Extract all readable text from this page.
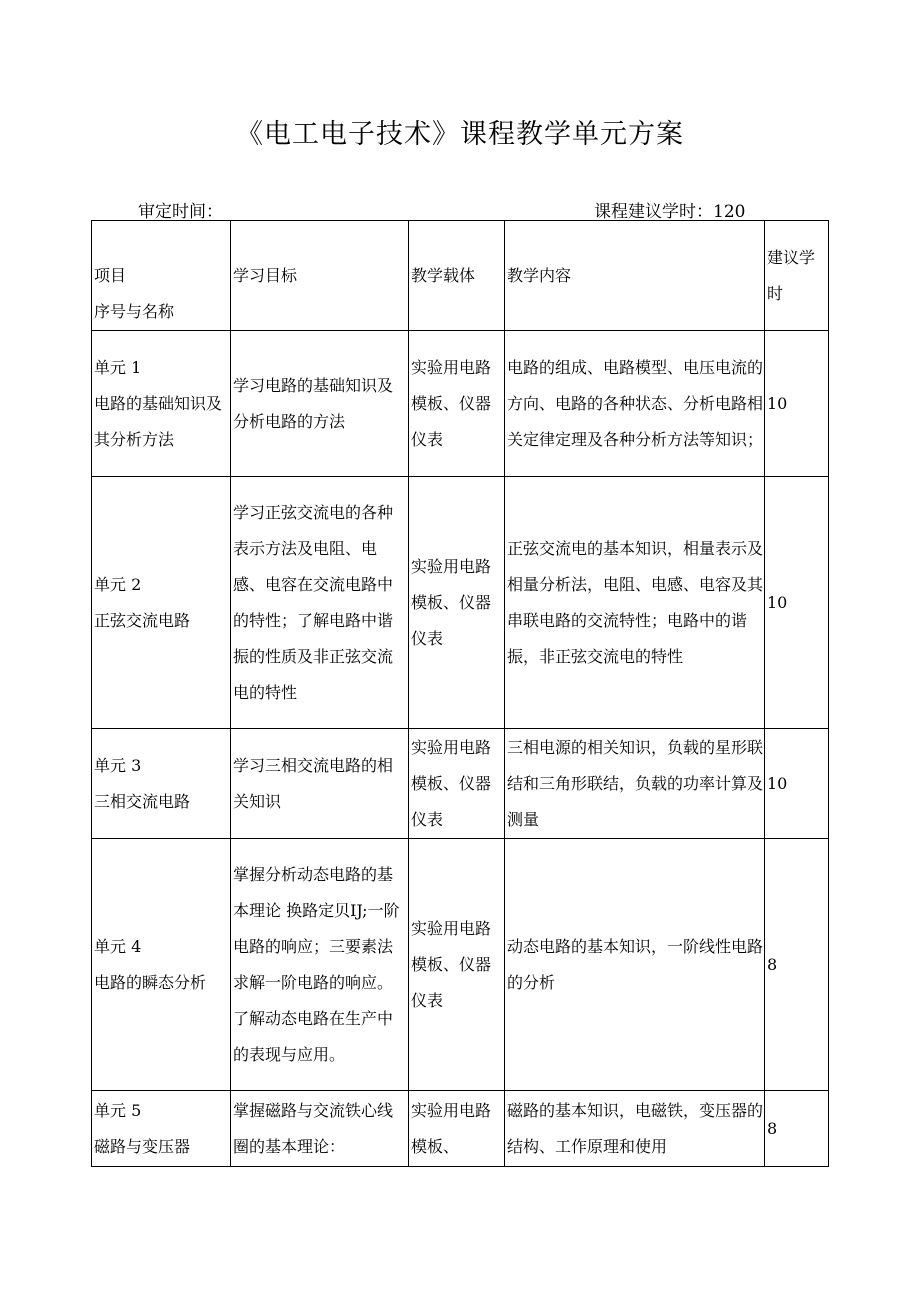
《电工电子技术》课程教学单元方案
审定时间：	课程建议学时：120
项目
序号与名称	学习目标	教学载体	教学内容	建议学时

单元 1
电路的基础知识及其分析方法	学习电路的基础知识及分析电路的方法	实验用电路模板、仪器仪表	电路的组成、电路模型、电压电流的方向、电路的各种状态、分析电路相关定律定理及各种分析方法等知识；	10

单元 2
正弦交流电路	学习正弦交流电的各种表示方法及电阻、电感、电容在交流电路中的特性；了解电路中谐振的性质及非正弦交流电的特性	实验用电路模板、仪器仪表	正弦交流电的基本知识，相量表示及相量分析法，电阻、电感、电容及其串联电路的交流特性；电路中的谐振，非正弦交流电的特性	10

单元 3
三相交流电路	学习三相交流电路的相关知识	实验用电路模板、仪器仪表	三相电源的相关知识，负载的星形联结和三角形联结，负载的功率计算及测量	10

单元 4
电路的瞬态分析	掌握分析动态电路的基本理论 换路定贝IJ;一阶电路的响应；三要素法求解一阶电路的响应。了解动态电路在生产中的表现与应用。	实验用电路模板、仪器仪表	动态电路的基本知识，一阶线性电路的分析	8

单元 5
磁路与变压器	掌握磁路与交流铁心线圈的基本理论：	实验用电路模板、	磁路的基本知识，电磁铁，变压器的结构、工作原理和使用	8
